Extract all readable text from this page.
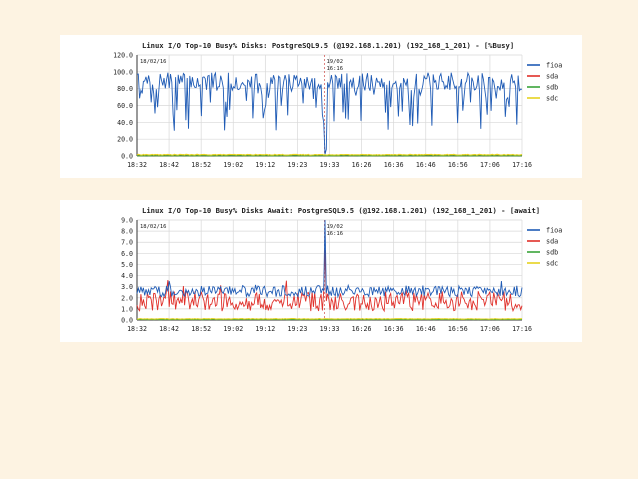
Linux I/O Top-10 Busy% Disks: PostgreSQL9.5 (@192.168.1.201) (192_168_1_201) - [%Busy]
18/02/16
0.0
20.0
40.0
60.0
80.0
100.0
120.0
18:32 18:42 18:52 19:02 19:12 19:23 19:33 16:26 16:36 16:46 16:56 17:06 17:16
19/02
16:16	fioa
sda
sdb
sdc
Linux I/O Top-10 Busy% Disks Await: PostgreSQL9.5 (@192.168.1.201) (192_168_1_201) - [await]
18/02/16
0.0
1.0
2.0
3.0
4.0
5.0
6.0
7.0
8.0
9.0
18:32 18:42 18:52 19:02 19:12 19:23 19:33 16:26 16:36 16:46 16:56 17:06 17:16
19/02
16:16	fioa
sda
sdb
sdc
